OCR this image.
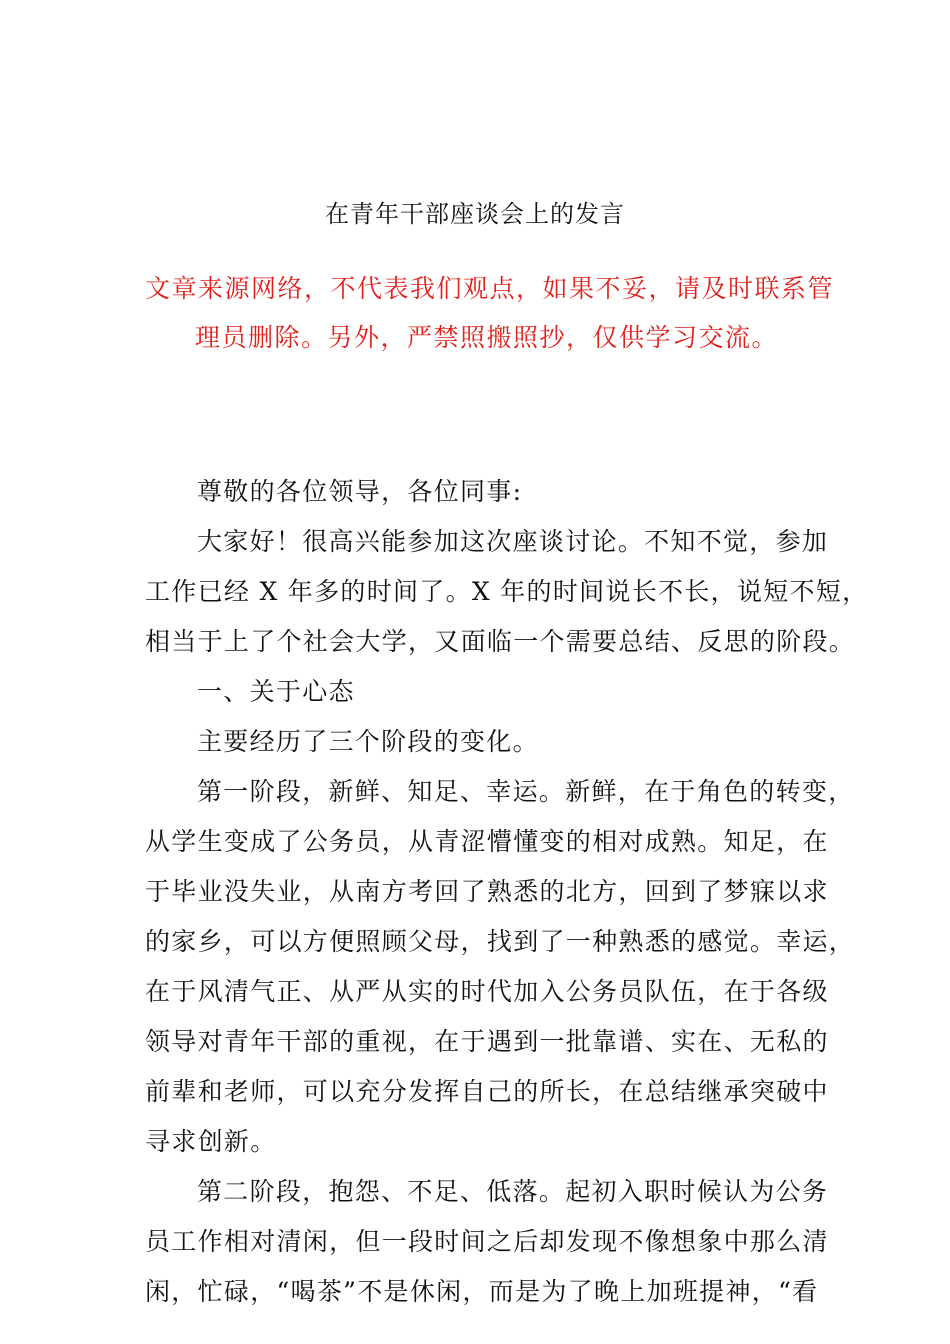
在青年干部座谈会上的发言
文章来源网络，不代表我们观点，如果不妥，请及时联系管
理员删除。另外，严禁照搬照抄，仅供学习交流。
尊敬的各位领导，各位同事:
大家好！很高兴能参加这次座谈讨论。不知不觉，参加
工作已经 X 年多的时间了。X 年的时间说长不长，说短不短，
相当于上了个社会大学，又面临一个需要总结、反思的阶段。
一、关于心态
主要经历了三个阶段的变化。
第一阶段，新鲜、知足、幸运。新鲜，在于角色的转变，
从学生变成了公务员，从青涩懵懂变的相对成熟。知足，在
于毕业没失业，从南方考回了熟悉的北方，回到了梦寐以求
的家乡，可以方便照顾父母，找到了一种熟悉的感觉。幸运，
在于风清气正、从严从实的时代加入公务员队伍，在于各级
领导对青年干部的重视，在于遇到一批靠谱、实在、无私的
前辈和老师，可以充分发挥自己的所长，在总结继承突破中
寻求创新。
第二阶段，抱怨、不足、低落。起初入职时候认为公务
员工作相对清闲，但一段时间之后却发现不像想象中那么清
闲，忙碌，“喝茶”不是休闲，而是为了晚上加班提神，“看
